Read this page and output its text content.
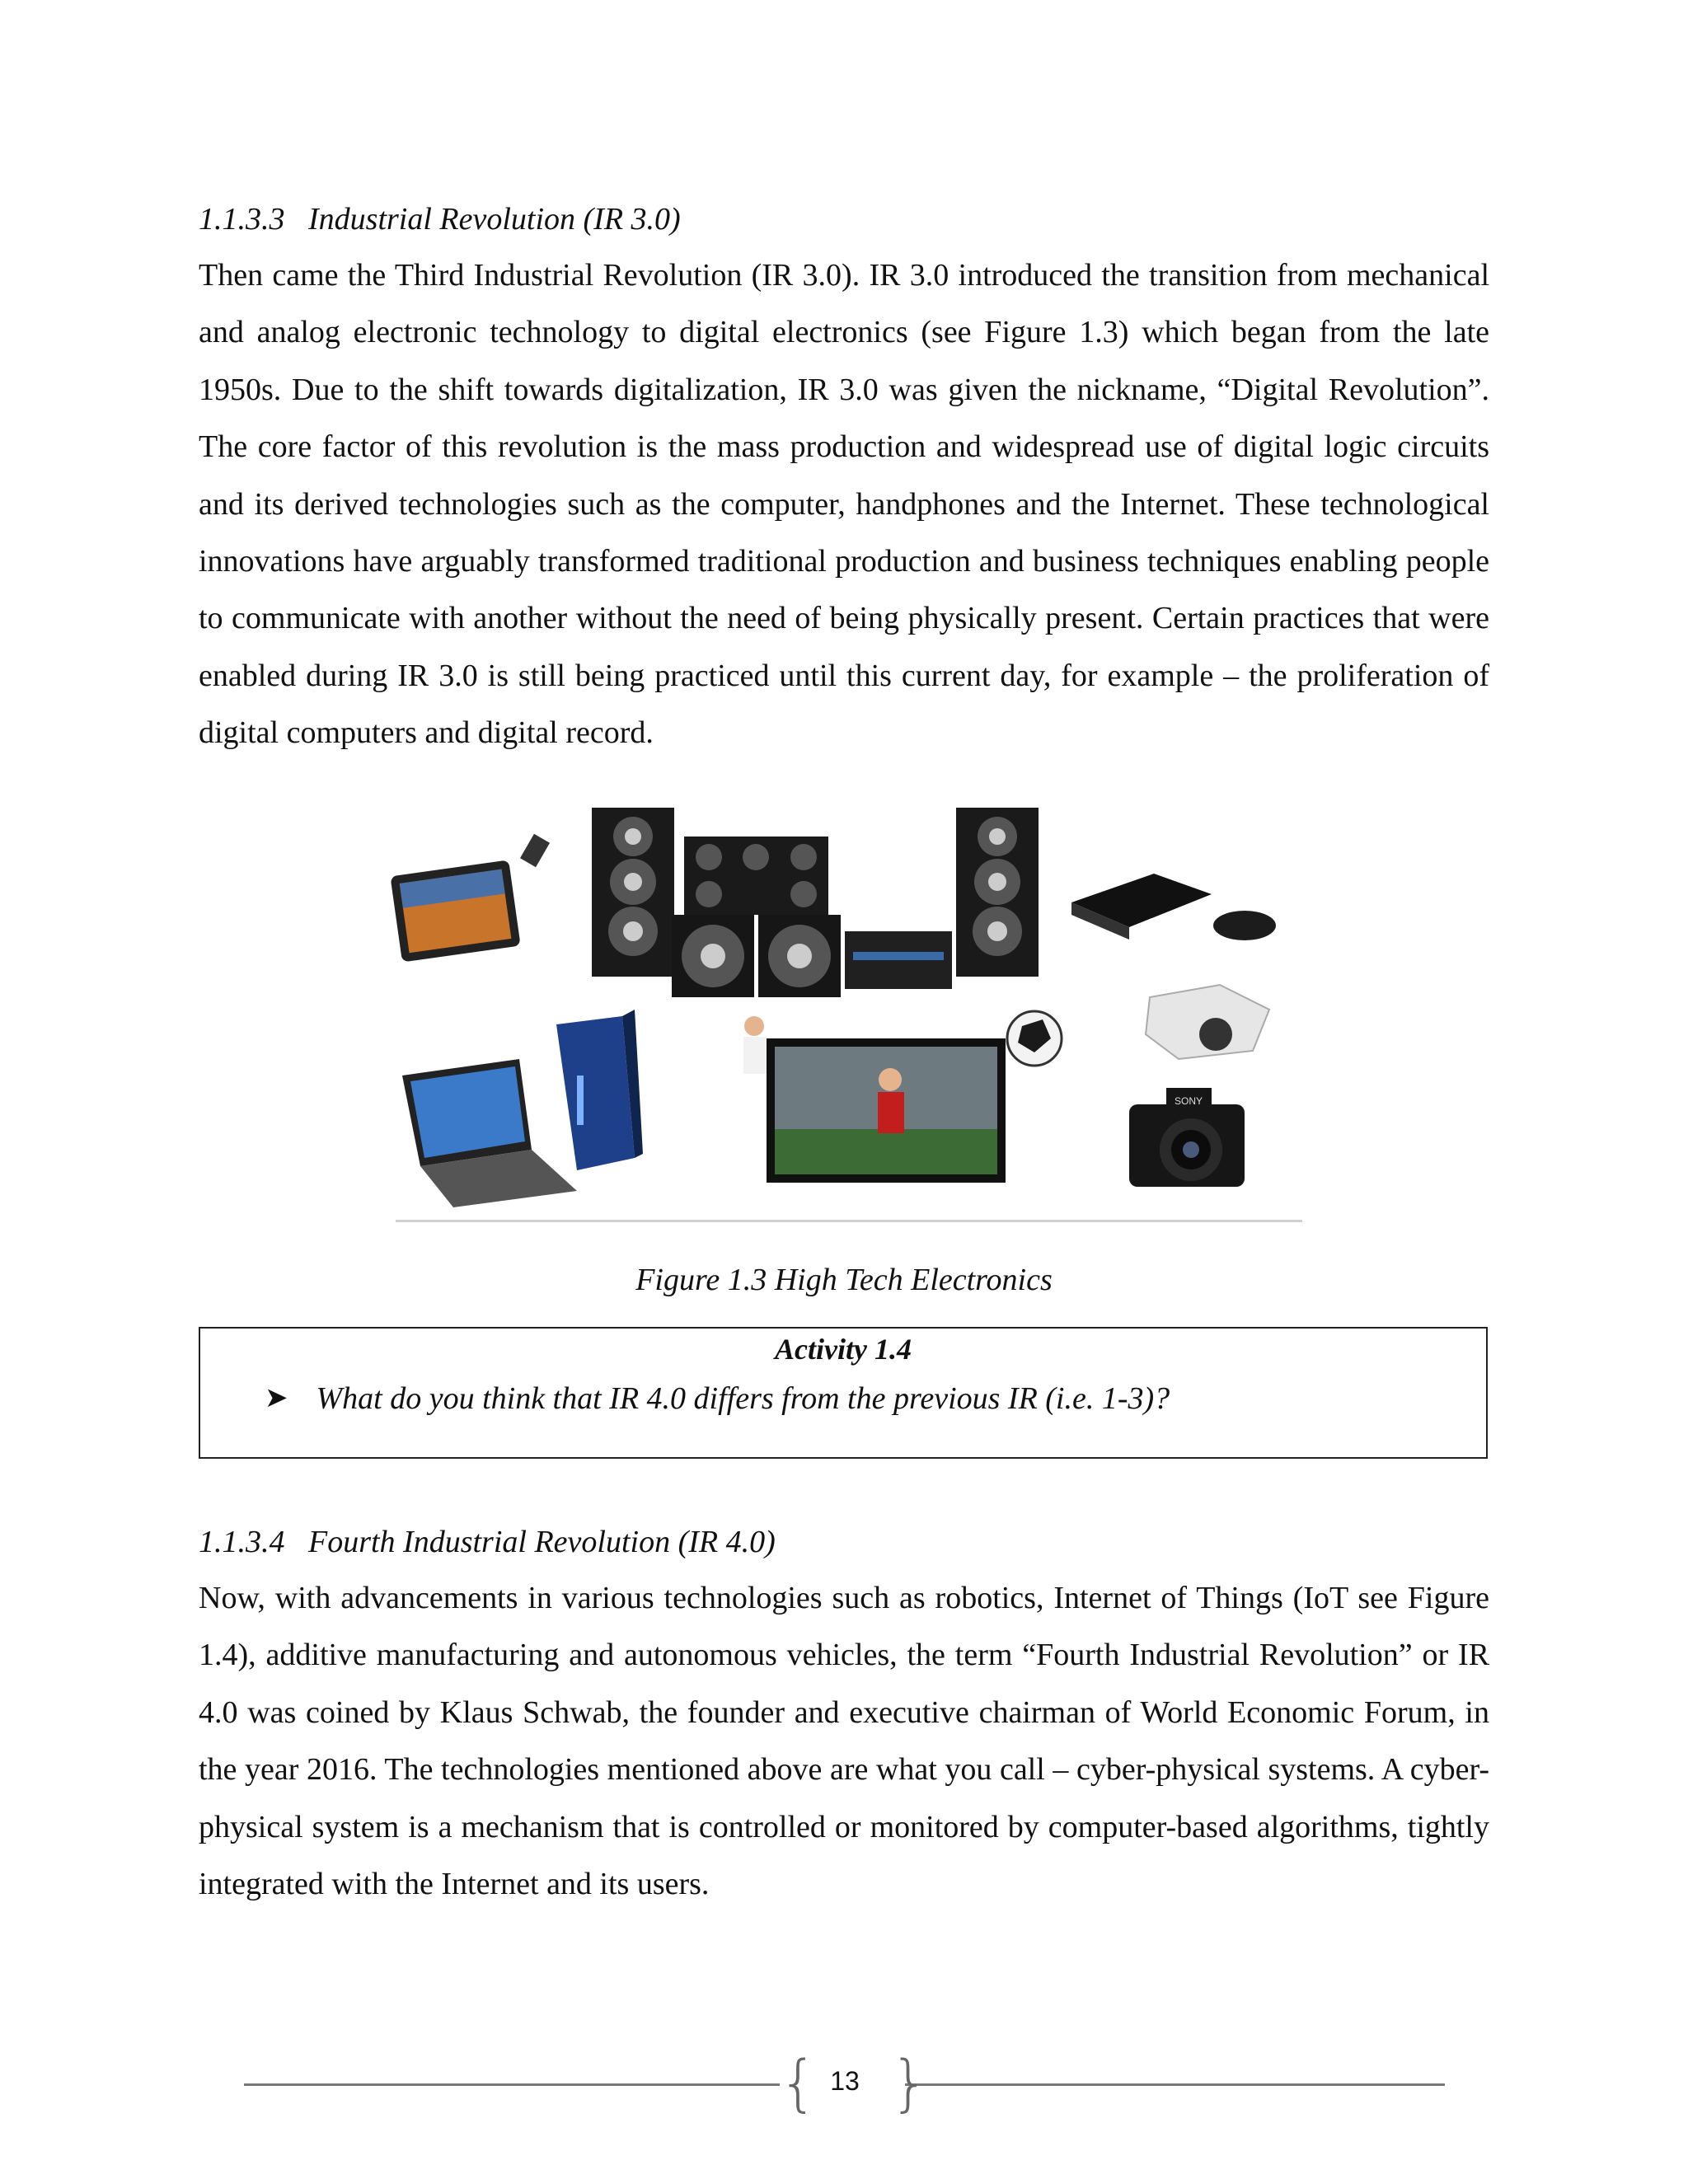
1.1.3.3   Industrial Revolution (IR 3.0)

Then came the Third Industrial Revolution (IR 3.0). IR 3.0 introduced the transition from mechanical and analog electronic technology to digital electronics (see Figure 1.3) which began from the late 1950s. Due to the shift towards digitalization, IR 3.0 was given the nickname, “Digital Revolution”. The core factor of this revolution is the mass production and widespread use of digital logic circuits and its derived technologies such as the computer, handphones and the Internet. These technological innovations have arguably transformed traditional production and business techniques enabling people to communicate with another without the need of being physically present. Certain practices that were enabled during IR 3.0 is still being practiced until this current day, for example – the proliferation of digital computers and digital record.

SONY
Figure 1.3 High Tech Electronics
Activity 1.4
➤ What do you think that IR 4.0 differs from the previous IR (i.e. 1-3)?
1.1.3.4   Fourth Industrial Revolution (IR 4.0)

Now, with advancements in various technologies such as robotics, Internet of Things (IoT see Figure 1.4), additive manufacturing and autonomous vehicles, the term “Fourth Industrial Revolution” or IR 4.0 was coined by Klaus Schwab, the founder and executive chairman of World Economic Forum, in the year 2016. The technologies mentioned above are what you call – cyber-physical systems. A cyber-physical system is a mechanism that is controlled or monitored by computer-based algorithms, tightly integrated with the Internet and its users.

{ }
13
